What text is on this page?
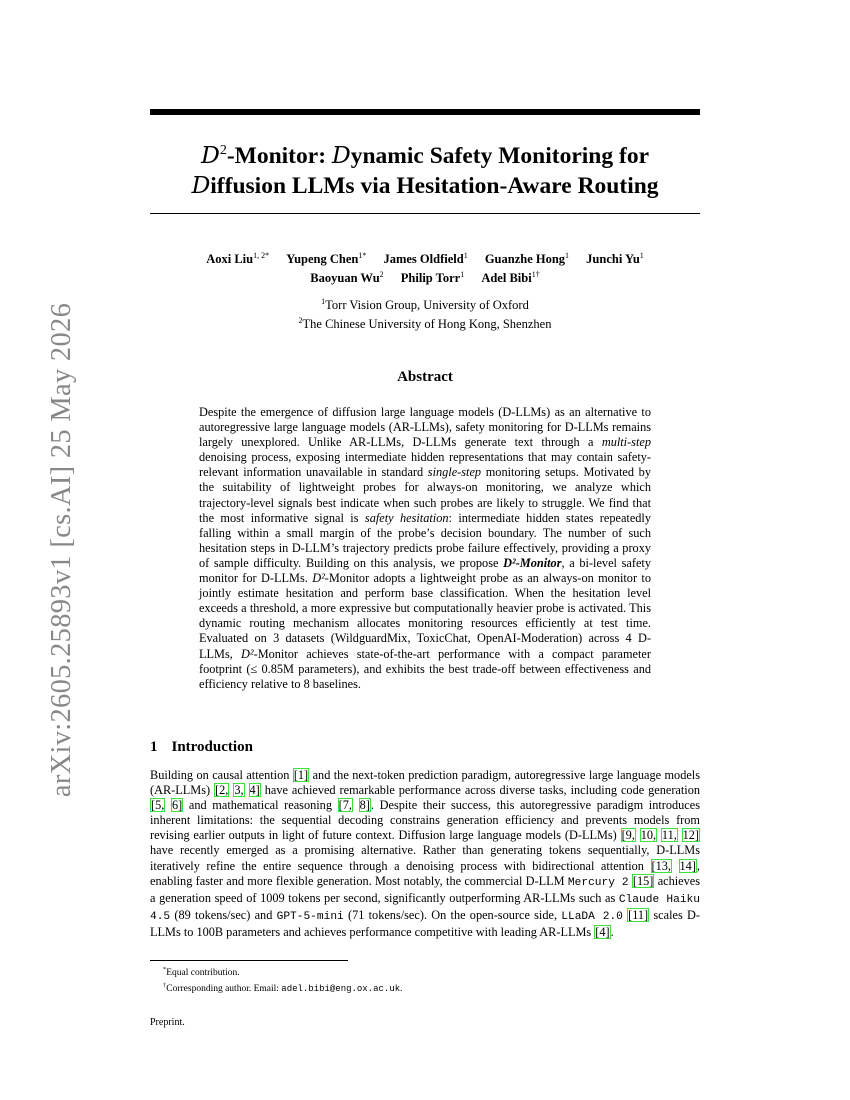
arXiv:2605.25893v1 [cs.AI] 25 May 2026
$D^2$-Monitor: Dynamic Safety Monitoring for
Diffusion LLMs via Hesitation-Aware Routing
Aoxi Liu$^{1, 2*}$ Yupeng Chen$^{1*}$ James Oldfield$^1$ Guanzhe Hong$^1$ Junchi Yu$^1$
Baoyuan Wu$^2$ Philip Torr$^1$ Adel Bibi$^{1\dagger}$
$^1$Torr Vision Group, University of Oxford
$^2$The Chinese University of Hong Kong, Shenzhen
Abstract
Despite the emergence of diffusion large language models (D-LLMs) as an alternative to autoregressive large language models (AR-LLMs), safety monitoring for D-LLMs remains largely unexplored. Unlike AR-LLMs, D-LLMs generate text through a multi-step denoising process, exposing intermediate hidden representations that may contain safety-relevant information unavailable in standard single-step monitoring setups. Motivated by the suitability of lightweight probes for always-on monitoring, we analyze which trajectory-level signals best indicate when such probes are likely to struggle. We find that the most informative signal is safety hesitation: intermediate hidden states repeatedly falling within a small margin of the probe’s decision boundary. The number of such hesitation steps in D-LLM’s trajectory predicts probe failure effectively, providing a proxy of sample difficulty. Building on this analysis, we propose D²-Monitor, a bi-level safety monitor for D-LLMs. D²-Monitor adopts a lightweight probe as an always-on monitor to jointly estimate hesitation and perform base classification. When the hesitation level exceeds a threshold, a more expressive but computationally heavier probe is activated. This dynamic routing mechanism allocates monitoring resources efficiently at test time. Evaluated on 3 datasets (WildguardMix, ToxicChat, OpenAI-Moderation) across 4 D-LLMs, D²-Monitor achieves state-of-the-art performance with a compact parameter footprint (≤ 0.85M parameters), and exhibits the best trade-off between effectiveness and efficiency relative to 8 baselines.
1 Introduction
Building on causal attention [1] and the next-token prediction paradigm, autoregressive large language models (AR-LLMs) [2, 3, 4] have achieved remarkable performance across diverse tasks, including code generation [5, 6] and mathematical reasoning [7, 8]. Despite their success, this autoregressive paradigm introduces inherent limitations: the sequential decoding constrains generation efficiency and prevents models from revising earlier outputs in light of future context. Diffusion large language models (D-LLMs) [9, 10, 11, 12] have recently emerged as a promising alternative. Rather than generating tokens sequentially, D-LLMs iteratively refine the entire sequence through a denoising process with bidirectional attention [13, 14], enabling faster and more flexible generation. Most notably, the commercial D-LLM Mercury 2 [15] achieves a generation speed of 1009 tokens per second, significantly outperforming AR-LLMs such as Claude Haiku 4.5 (89 tokens/sec) and GPT-5-mini (71 tokens/sec). On the open-source side, LLaDA 2.0 [11] scales D-LLMs to 100B parameters and achieves performance competitive with leading AR-LLMs [4].
*Equal contribution.
†Corresponding author. Email: adel.bibi@eng.ox.ac.uk.
Preprint.
